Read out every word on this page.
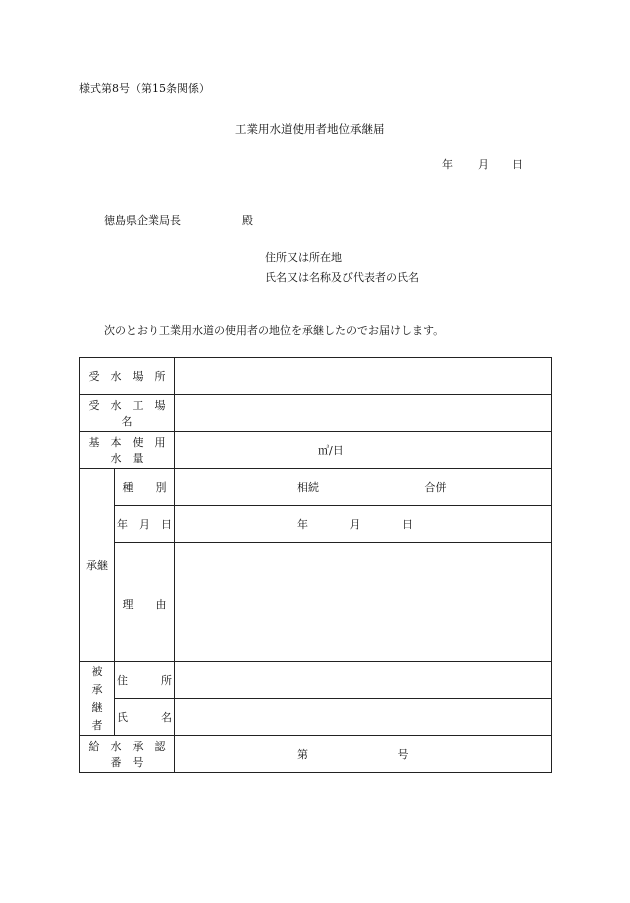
様式第8号（第15条関係）
工業用水道使用者地位承継届
年 月 日
徳島県企業局長	殿
住所又は所在地
氏名又は名称及び代表者の氏名
次のとおり工業用水道の使用者の地位を承継したのでお届けします。
受　水　場　所		
受　水　工　場　名		
基　本　使　用　水　量		㎥/日
承継	種　　別	相続 合併
	年　月　日	年 月 日
	理　　由	

被
承
継
者	住　　　所	
	氏　　　名	
給　水　承　認　番　号		第 号
